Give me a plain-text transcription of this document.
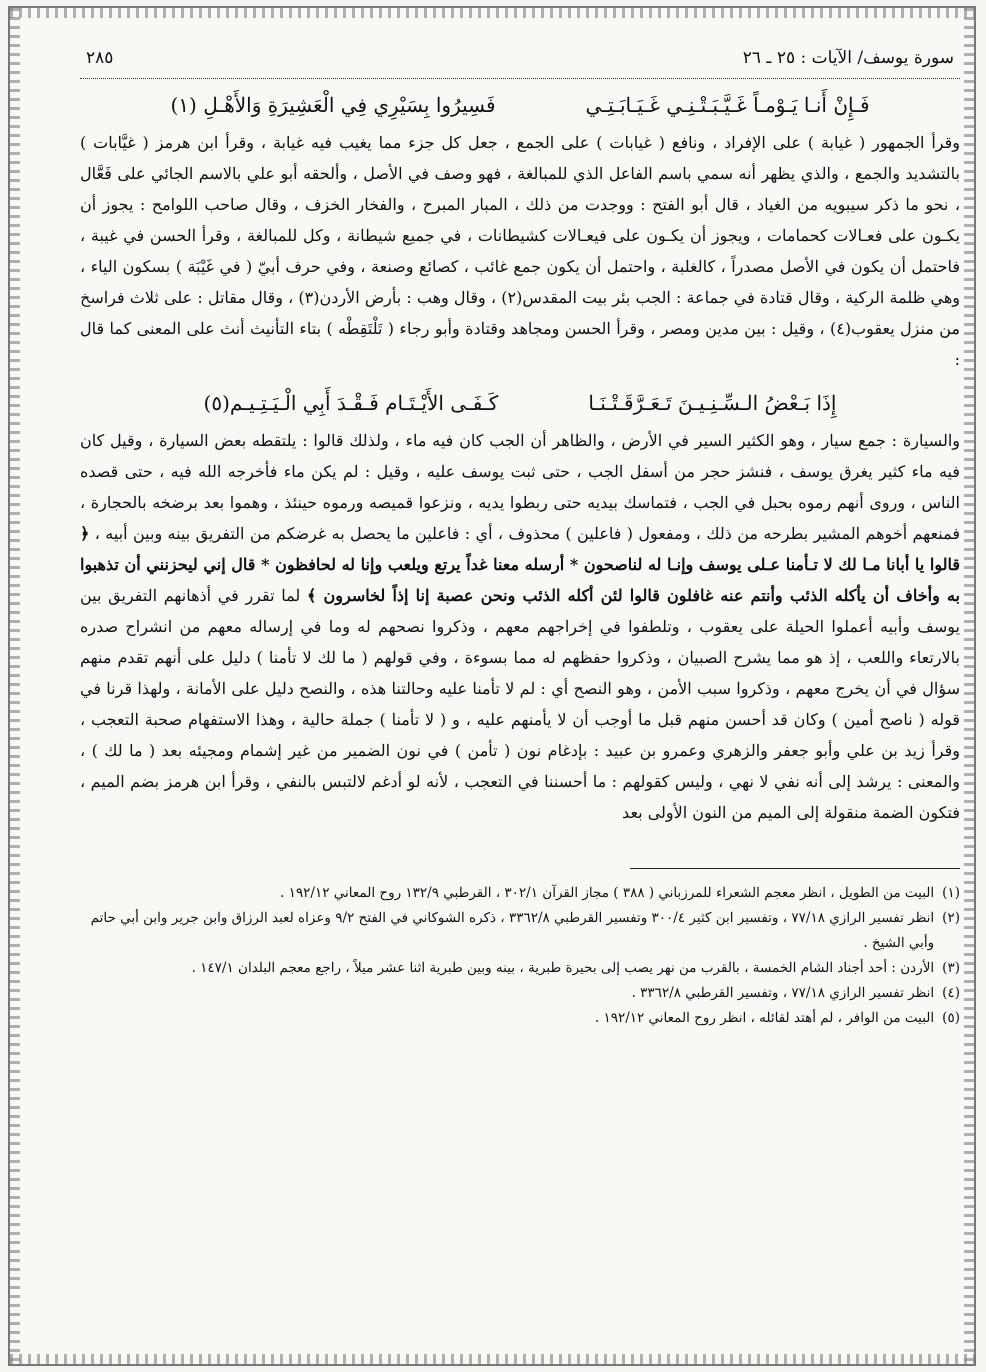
سورة يوسف/ الآيات : ٢٥ ـ ٢٦
٢٨٥
فَـإِنْ أَنـا يَـوْمـاً غَـيَّـبَـتْـنِـي غَـيَـابَـتِـي
فَسِيرُوا بِسَيْرِي فِي الْعَشِيرَةِ وَالأَهْـلِ (١)

وقرأ الجمهور ( غيابة ) على الإفراد ، ونافع ( غيابات ) على الجمع ، جعل كل جزء مما يغيب فيه غيابة ، وقرأ ابن هرمز ( غيَّابات ) بالتشديد والجمع ، والذي يظهر أنه سمي باسم الفاعل الذي للمبالغة ، فهو وصف في الأصل ، وألحقه أبو علي بالاسم الجائي على فَعَّال ، نحو ما ذكر سيبويه من الغياد ، قال أبو الفتح : ووجدت من ذلك ، المبار المبرح ، والفخار الخزف ، وقال صاحب اللوامح : يجوز أن يكـون على فعـالات كحمامات ، ويجوز أن يكـون على فيعـالات كشيطانات ، في جميع شيطانة ، وكل للمبالغة ، وقرأ الحسن في غيبة ، فاحتمل أن يكون في الأصل مصدراً ، كالغلبة ، واحتمل أن يكون جمع غائب ، كصائع وصنعة ، وفي حرف أبيّ ( في غَيْبَة ) بسكون الياء ، وهي ظلمة الركية ، وقال قتادة في جماعة : الجب بئر بيت المقدس(٢) ، وقال وهب : بأرض الأردن(٣) ، وقال مقاتل : على ثلاث فراسخ من منزل يعقوب(٤) ، وقيل : بين مدين ومصر ، وقرأ الحسن ومجاهد وقتادة وأبو رجاء ( تَلْتَقِطْه ) بتاء التأنيث أنث على المعنى كما قال :

إِذَا بَـعْضُ الـسِّـنِـيـنَ تَـعَـرَّقَـتْـنَـا
كَـفَـى الأَيْـتَـام فَـقْـدَ أَبِي الْـيَـتِـيـم(٥)

والسيارة : جمع سيار ، وهو الكثير السير في الأرض ، والظاهر أن الجب كان فيه ماء ، ولذلك قالوا : يلتقطه بعض السيارة ، وقيل كان فيه ماء كثير يغرق يوسف ، فنشز حجر من أسفل الجب ، حتى ثبت يوسف عليه ، وقيل : لم يكن ماء فأخرجه الله فيه ، حتى قصده الناس ، وروى أنهم رموه بحبل في الجب ، فتماسك بيديه حتى ربطوا يديه ، ونزعوا قميصه ورموه حينئذ ، وهموا بعد برضخه بالحجارة ، فمنعهم أخوهم المشير بطرحه من ذلك ، ومفعول ( فاعلين ) محذوف ، أي : فاعلين ما يحصل به غرضكم من التفريق بينه وبين أبيه ، ﴿ قالوا يا أبانا مـا لك لا تـأمنا عـلى يوسف وإنـا له لناصحون * أرسله معنا غداً يرتع ويلعب وإنا له لحافظون * قال إني ليحزنني أن تذهبوا به وأخاف أن يأكله الذئب وأنتم عنه غافلون قالوا لئن أكله الذئب ونحن عصبة إنا إذاً لخاسرون ﴾ لما تقرر في أذهانهم التفريق بين يوسف وأبيه أعملوا الحيلة على يعقوب ، وتلطفوا في إخراجهم معهم ، وذكروا نصحهم له وما في إرساله معهم من انشراح صدره بالارتعاء واللعب ، إذ هو مما يشرح الصبيان ، وذكروا حفظهم له مما بسوءة ، وفي قولهم ( ما لك لا تأمنا ) دليل على أنهم تقدم منهم سؤال في أن يخرج معهم ، وذكروا سبب الأمن ، وهو النصح أي : لم لا تأمنا عليه وحالتنا هذه ، والنصح دليل على الأمانة ، ولهذا قرنا في قوله ( ناصح أمين ) وكان قد أحسن منهم قبل ما أوجب أن لا يأمنهم عليه ، و ( لا تأمنا ) جملة حالية ، وهذا الاستفهام صحبة التعجب ، وقرأ زيد بن علي وأبو جعفر والزهري وعمرو بن عبيد : بإدغام نون ( تأمن ) في نون الضمير من غير إشمام ومجيئه بعد ( ما لك ) ، والمعنى : يرشد إلى أنه نفي لا نهي ، وليس كقولهم : ما أحسننا في التعجب ، لأنه لو أدغم لالتبس بالنفي ، وقرأ ابن هرمز بضم الميم ، فتكون الضمة منقولة إلى الميم من النون الأولى بعد

(١)
البيت من الطويل ، انظر معجم الشعراء للمرزباني ( ٣٨٨ ) مجاز القرآن ٣٠٢/١ ، القرطبي ١٣٢/٩ روح المعاني ١٩٢/١٢ .
(٢)
انظر تفسير الرازي ٧٧/١٨ ، وتفسير ابن كثير ٣٠٠/٤ وتفسير القرطبي ٣٣٦٢/٨ ، ذكره الشوكاني في الفتح ٩/٢ وعزاه لعبد الرزاق وابن جرير وابن أبي حاتم وأبي الشيخ .
(٣)
الأردن : أحد أجناد الشام الخمسة ، بالقرب من نهر يصب إلى بحيرة طبرية ، بينه وبين طبرية اثنا عشر ميلاً ، راجع معجم البلدان ١٤٧/١ .
(٤)
انظر تفسير الرازي ٧٧/١٨ ، وتفسير القرطبي ٣٣٦٢/٨ .
(٥)
البيت من الوافر ، لم أهتد لقائله ، انظر روح المعاني ١٩٢/١٢ .
